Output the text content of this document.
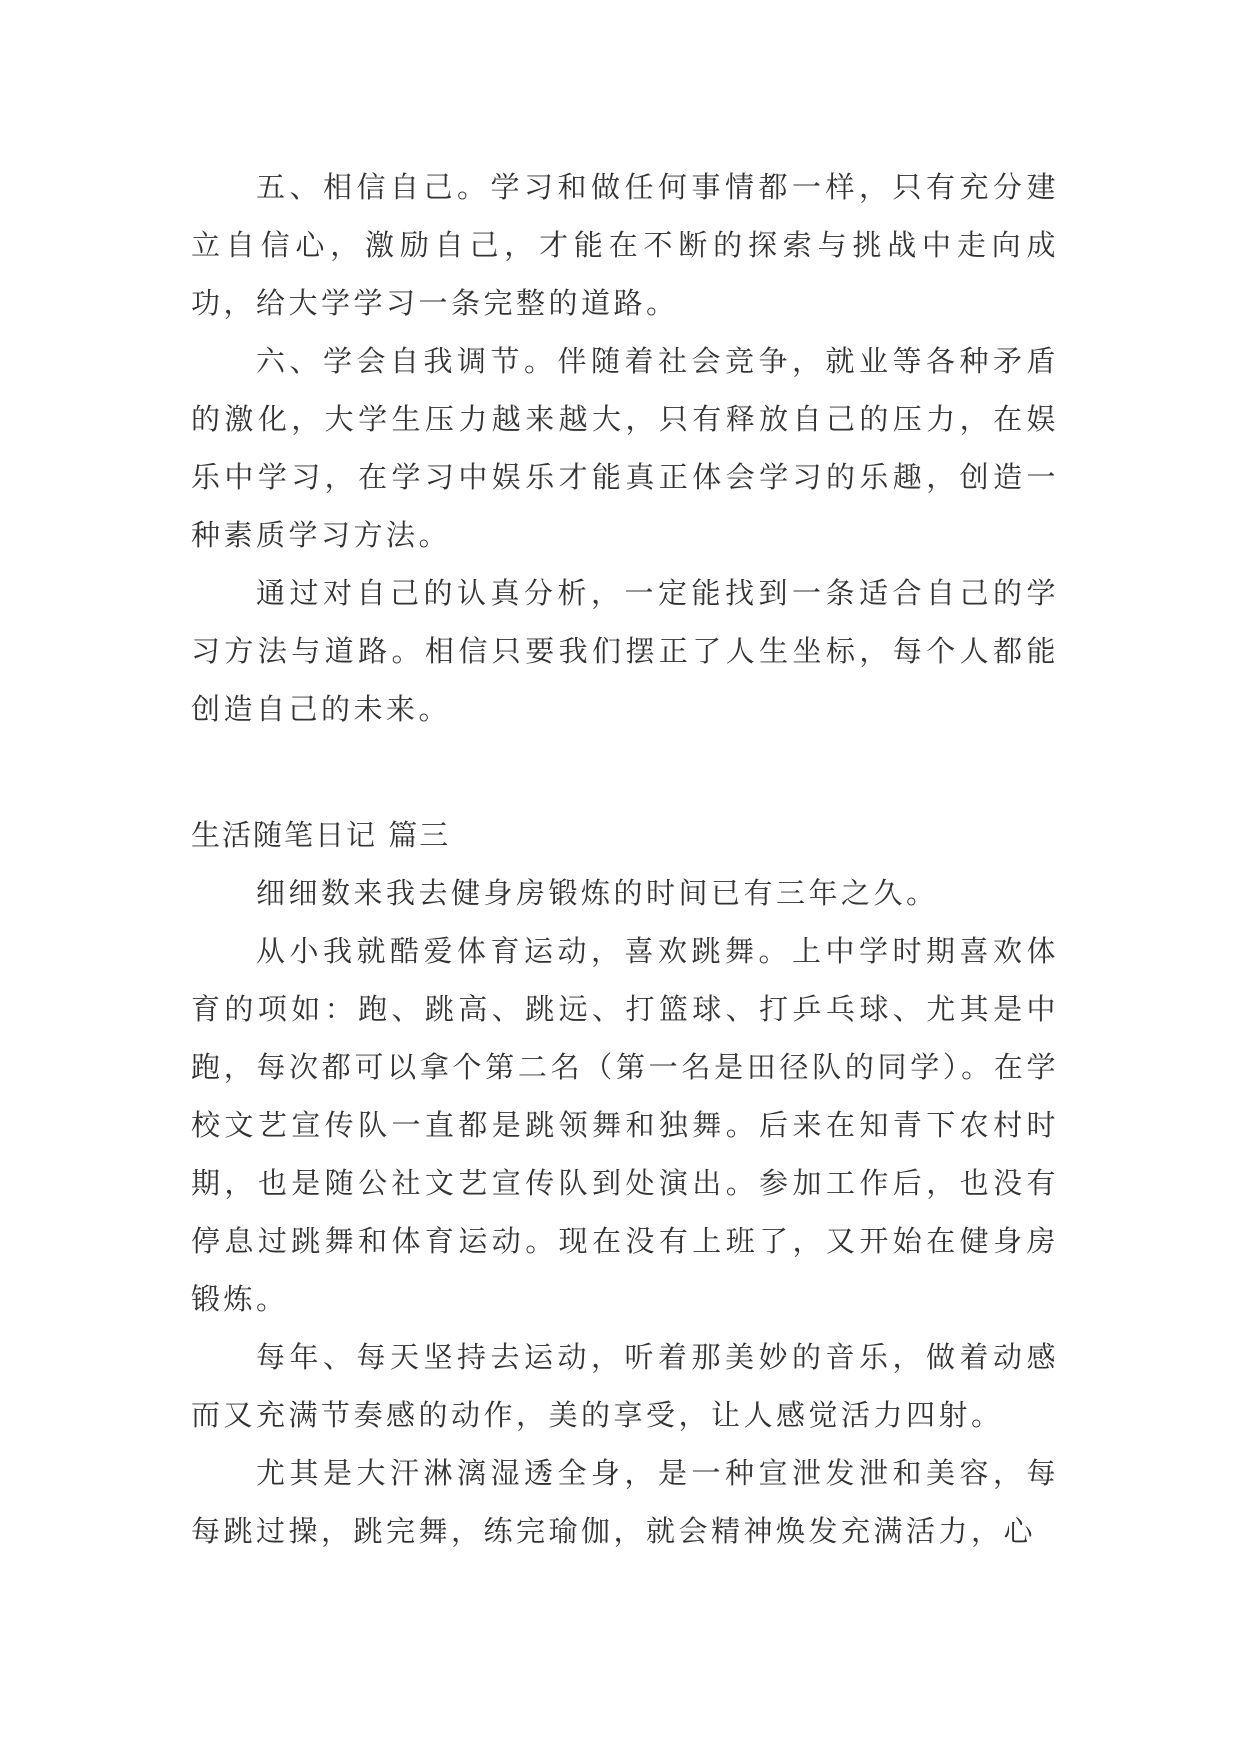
五、相信自己。学习和做任何事情都一样，只有充分建立自信心，激励自己，才能在不断的探索与挑战中走向成功，给大学学习一条完整的道路。

六、学会自我调节。伴随着社会竞争，就业等各种矛盾的激化，大学生压力越来越大，只有释放自己的压力，在娱乐中学习，在学习中娱乐才能真正体会学习的乐趣，创造一种素质学习方法。

通过对自己的认真分析，一定能找到一条适合自己的学习方法与道路。相信只要我们摆正了人生坐标，每个人都能创造自己的未来。

生活随笔日记 篇三

细细数来我去健身房锻炼的时间已有三年之久。

从小我就酷爱体育运动，喜欢跳舞。上中学时期喜欢体育的项如：跑、跳高、跳远、打篮球、打乒乓球、尤其是中跑，每次都可以拿个第二名（第一名是田径队的同学）。在学校文艺宣传队一直都是跳领舞和独舞。后来在知青下农村时期，也是随公社文艺宣传队到处演出。参加工作后，也没有停息过跳舞和体育运动。现在没有上班了，又开始在健身房锻炼。

每年、每天坚持去运动，听着那美妙的音乐，做着动感而又充满节奏感的动作，美的享受，让人感觉活力四射。

尤其是大汗淋漓湿透全身，是一种宣泄发泄和美容，每每跳过操，跳完舞，练完瑜伽，就会精神焕发充满活力，心
